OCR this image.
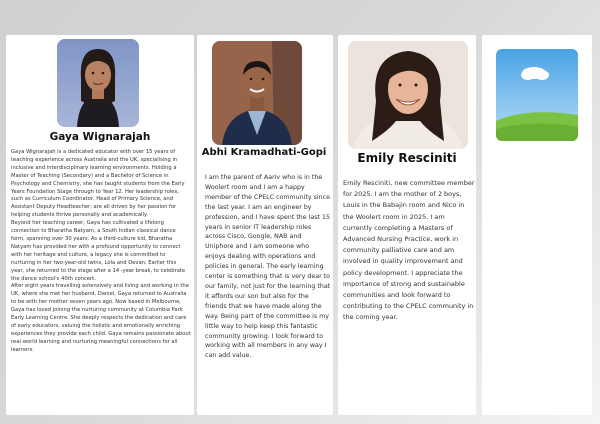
Gaya Wignarajah
Gaya Wignarajah is a dedicated educator with over 15 years of teaching experience across Australia and the UK, specialising in inclusive and interdisciplinary learning environments. Holding a Master of Teaching (Secondary) and a Bachelor of Science in Psychology and Chemistry, she has taught students from the Early Years Foundation Stage through to Year 12. Her leadership roles, such as Curriculum Coordinator, Head of Primary Science, and Assistant Deputy Headteacher, are all driven by her passion for helping students thrive personally and academically.
Beyond her teaching career, Gaya has cultivated a lifelong connection to Bharatha Natyam, a South Indian classical dance form, spanning over 30 years. As a third-culture kid, Bharatha Natyam has provided her with a profound opportunity to connect with her heritage and culture, a legacy she is committed to nurturing in her two-year-old twins, Lola and Devan. Earlier this year, she returned to the stage after a 14 -year break, to celebrate the dance school's 40th concert.
After eight years travelling extensively and living and working in the UK, where she met her husband, Daniel, Gaya returned to Australia to be with her mother seven years ago. Now based in Melbourne, Gaya has loved joining the nurturing community at Columbia Park Early Learning Centre. She deeply respects the dedication and care of early educators, valuing the holistic and emotionally enriching experiences they provide each child. Gaya remains passionate about real-world learning and nurturing meaningful connections for all learners.
Abhi Kramadhati-Gopi
I am the parent of Aariv who is in the Woolert room and I am a happy member of the CPELC community since the last year. I am an engineer by profession, and I have spent the last 15 years in senior IT leadership roles across Cisco, Google, NAB and Uniphore and I am someone who enjoys dealing with operations and policies in general. The early learning center is something that is very dear to our family, not just for the learning that it affords our son but also for the friends that we have made along the way. Being part of the committee is my little way to help keep this fantastic community growing. I look forward to working with all members in any way I can add value.
Emily Resciniti
Emily Resciniti, new committee member for 2025. I am the mother of 2 boys, Louis in the Babajin room and Nico in the Woolert room in 2025. I am currently completing a Masters of Advanced Nursing Practice, work in community palliative care and am involved in quality improvement and policy development. I appreciate the importance of strong and sustainable communities and look forward to contributing to the CPELC community in the coming year.
